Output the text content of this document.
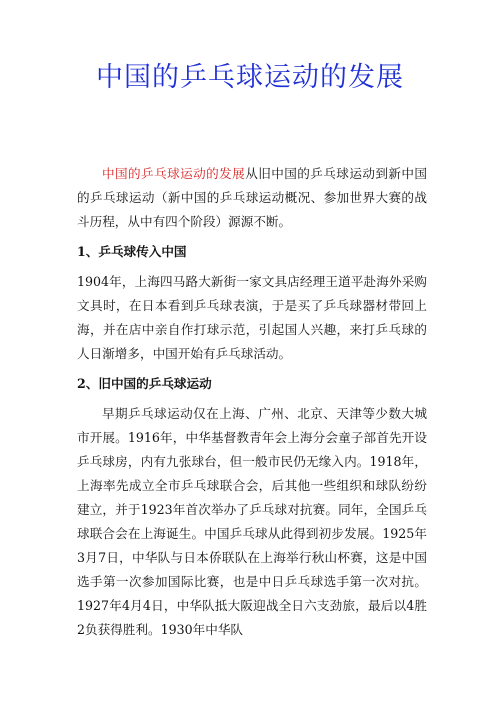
中国的乒乓球运动的发展

中国的乒乓球运动的发展从旧中国的乒乓球运动到新中国的乒乓球运动（新中国的乒乓球运动概况、参加世界大赛的战斗历程，从中有四个阶段）源源不断。

1、乒乓球传入中国

1904年，上海四马路大新街一家文具店经理王道平赴海外采购文具时，在日本看到乒乓球表演，于是买了乒乓球器材带回上海，并在店中亲自作打球示范，引起国人兴趣，来打乒乓球的人日渐增多，中国开始有乒乓球活动。

2、旧中国的乒乓球运动

早期乒乓球运动仅在上海、广州、北京、天津等少数大城市开展。1916年，中华基督教青年会上海分会童子部首先开设乒乓球房，内有九张球台，但一般市民仍无缘入内。1918年，上海率先成立全市乒乓球联合会，后其他一些组织和球队纷纷建立，并于1923年首次举办了乒乓球对抗赛。同年，全国乒乓球联合会在上海诞生。中国乒乓球从此得到初步发展。1925年3月7日，中华队与日本侨联队在上海举行秋山杯赛，这是中国选手第一次参加国际比赛，也是中日乒乓球选手第一次对抗。1927年4月4日，中华队抵大阪迎战全日六支劲旅，最后以4胜2负获得胜利。1930年中华队
